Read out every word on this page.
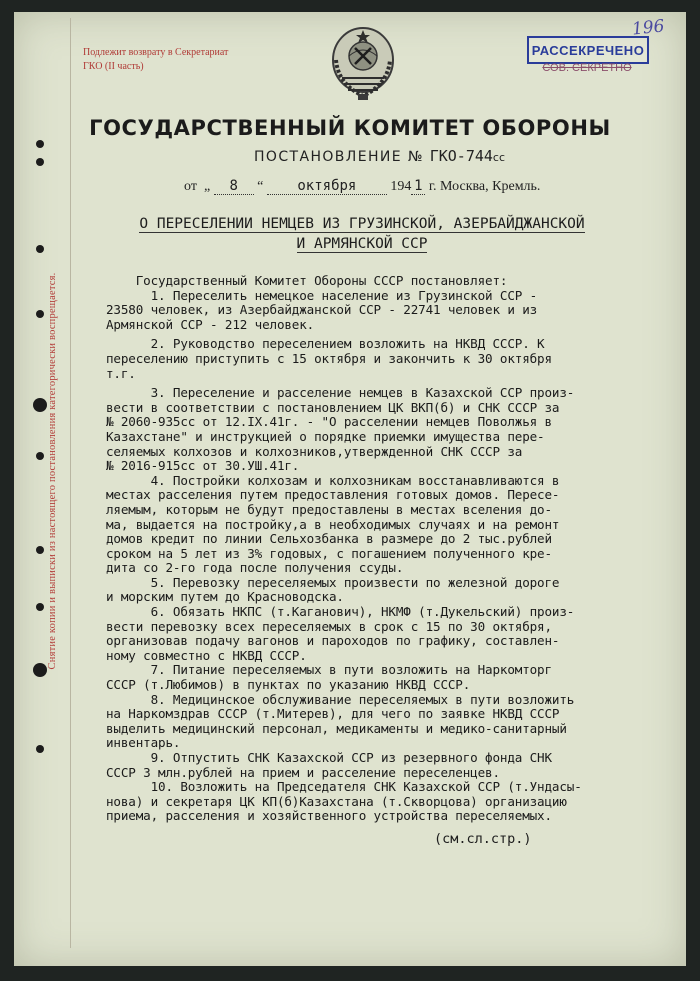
Снятие копии и выписки из настоящего постановления категорически воспрещается.
Подлежит возврату в Секретариат
ГКО (II часть)
196
РАССЕКРЕЧЕНО
СОВ. СЕКРЕТНО
ГОСУДАРСТВЕННЫЙ КОМИТЕТ ОБОРОНЫ
ПОСТАНОВЛЕНИЕ № ГКО-744сс
от  „ 8 “ октября 194 1 г. Москва, Кремль.
О ПЕРЕСЕЛЕНИИ НЕМЦЕВ ИЗ ГРУЗИНСКОЙ, АЗЕРБАЙДЖАНСКОЙ
И АРМЯНСКОЙ ССР
Государственный Комитет Обороны СССР постановляет:
1. Переселить немецкое население из Грузинской ССР -
23580 человек, из Азербайджанской ССР - 22741 человек и из
Армянской ССР - 212 человек.
2. Руководство переселением возложить на НКВД СССР. К
переселению приступить с 15 октября и закончить к 30 октября
т.г.
3. Переселение и расселение немцев в Казахской ССР произ-
вести в соответствии с постановлением ЦК ВКП(б) и СНК СССР за
№ 2060-935сс от 12.IX.41г. - "О расселении немцев Поволжья в
Казахстане" и инструкцией о порядке приемки имущества пере-
селяемых колхозов и колхозников,утвержденной СНК СССР за
№ 2016-915сс от 30.УШ.41г.
4. Постройки колхозам и колхозникам восстанавливаются в
местах расселения путем предоставления готовых домов. Пересе-
ляемым, которым не будут предоставлены в местах вселения до-
ма, выдается на постройку,а в необходимых случаях и на ремонт
домов кредит по линии Сельхозбанка в размере до 2 тыс.рублей
сроком на 5 лет из 3% годовых, с погашением полученного кре-
дита со 2-го года после получения ссуды.
5. Перевозку переселяемых произвести по железной дороге
и морским путем до Красноводска.
6. Обязать НКПС (т.Каганович), НКМФ (т.Дукельский) произ-
вести перевозку всех переселяемых в срок с 15 по 30 октября,
организовав подачу вагонов и пароходов по графику, составлен-
ному совместно с НКВД СССР.
7. Питание переселяемых в пути возложить на Наркомторг
СССР (т.Любимов) в пунктах по указанию НКВД СССР.
8. Медицинское обслуживание переселяемых в пути возложить
на Наркомздрав СССР (т.Митерев), для чего по заявке НКВД СССР
выделить медицинский персонал, медикаменты и медико-санитарный
инвентарь.
9. Отпустить СНК Казахской ССР из резервного фонда СНК
СССР 3 млн.рублей на прием и расселение переселенцев.
10. Возложить на Председателя СНК Казахской ССР (т.Ундасы-
нова) и секретаря ЦК КП(б)Казахстана (т.Скворцова) организацию
приема, расселения и хозяйственного устройства переселяемых.
(см.сл.стр.)
